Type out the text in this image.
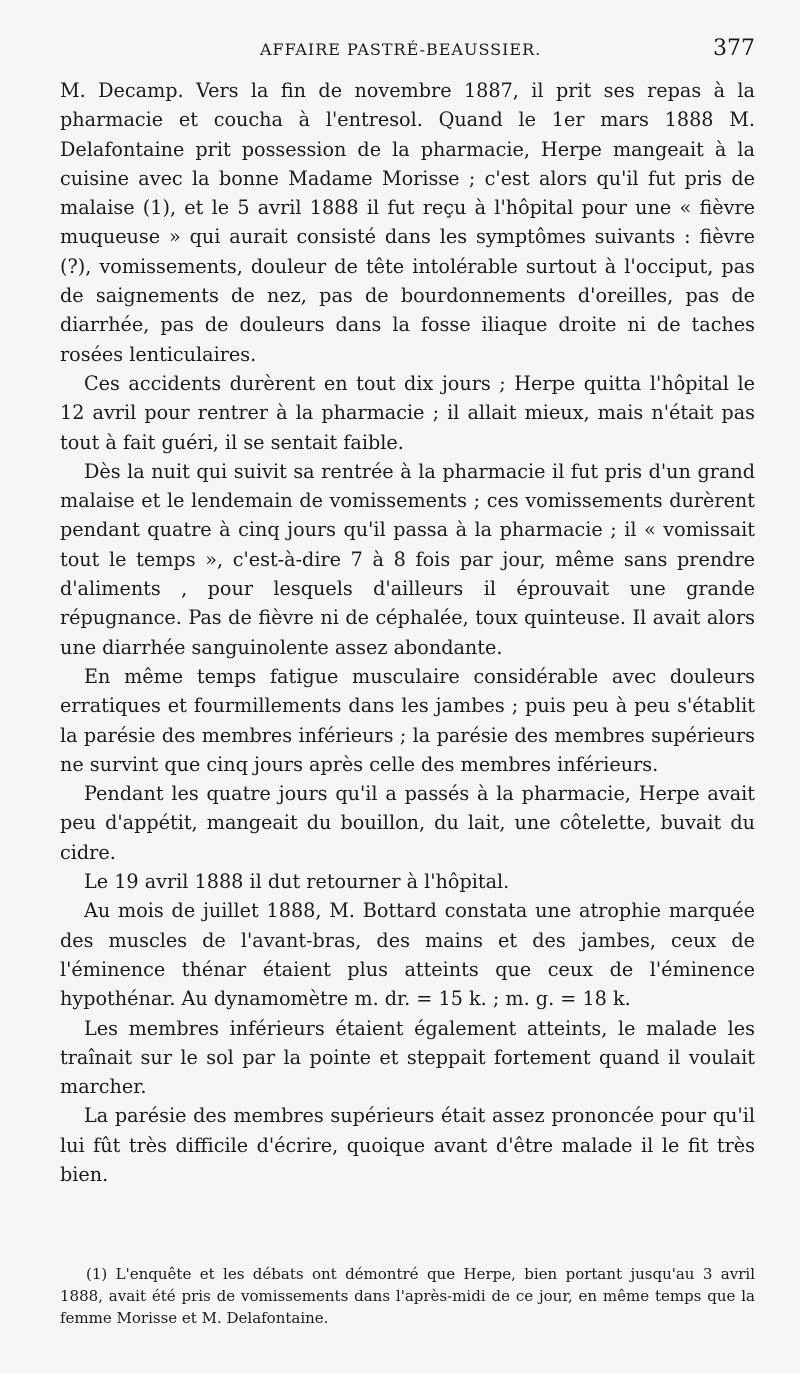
AFFAIRE PASTRÉ-BEAUSSIER.	377

M. Decamp. Vers la fin de novembre 1887, il prit ses repas à la pharmacie et coucha à l'entresol. Quand le 1er mars 1888 M. Delafontaine prit possession de la pharmacie, Herpe mangeait à la cuisine avec la bonne Madame Morisse ; c'est alors qu'il fut pris de malaise (1), et le 5 avril 1888 il fut reçu à l'hôpital pour une « fièvre muqueuse » qui aurait consisté dans les symptômes suivants : fièvre (?), vomissements, douleur de tête intolérable surtout à l'occiput, pas de saignements de nez, pas de bourdonnements d'oreilles, pas de diarrhée, pas de douleurs dans la fosse iliaque droite ni de taches rosées lenticulaires.

Ces accidents durèrent en tout dix jours ; Herpe quitta l'hôpital le 12 avril pour rentrer à la pharmacie ; il allait mieux, mais n'était pas tout à fait guéri, il se sentait faible.

Dès la nuit qui suivit sa rentrée à la pharmacie il fut pris d'un grand malaise et le lendemain de vomissements ; ces vomissements durèrent pendant quatre à cinq jours qu'il passa à la pharmacie ; il « vomissait tout le temps », c'est-à-dire 7 à 8 fois par jour, même sans prendre d'aliments , pour lesquels d'ailleurs il éprouvait une grande répugnance. Pas de fièvre ni de céphalée, toux quinteuse. Il avait alors une diarrhée sanguinolente assez abondante.

En même temps fatigue musculaire considérable avec douleurs erratiques et fourmillements dans les jambes ; puis peu à peu s'établit la parésie des membres inférieurs ; la parésie des membres supérieurs ne survint que cinq jours après celle des membres inférieurs.

Pendant les quatre jours qu'il a passés à la pharmacie, Herpe avait peu d'appétit, mangeait du bouillon, du lait, une côtelette, buvait du cidre.

Le 19 avril 1888 il dut retourner à l'hôpital.

Au mois de juillet 1888, M. Bottard constata une atrophie marquée des muscles de l'avant-bras, des mains et des jambes, ceux de l'éminence thénar étaient plus atteints que ceux de l'éminence hypothénar. Au dynamomètre m. dr. = 15 k. ; m. g. = 18 k.

Les membres inférieurs étaient également atteints, le malade les traînait sur le sol par la pointe et steppait fortement quand il voulait marcher.

La parésie des membres supérieurs était assez prononcée pour qu'il lui fût très difficile d'écrire, quoique avant d'être malade il le fit très bien.

(1) L'enquête et les débats ont démontré que Herpe, bien portant jusqu'au 3 avril 1888, avait été pris de vomissements dans l'après-midi de ce jour, en même temps que la femme Morisse et M. Delafontaine.
